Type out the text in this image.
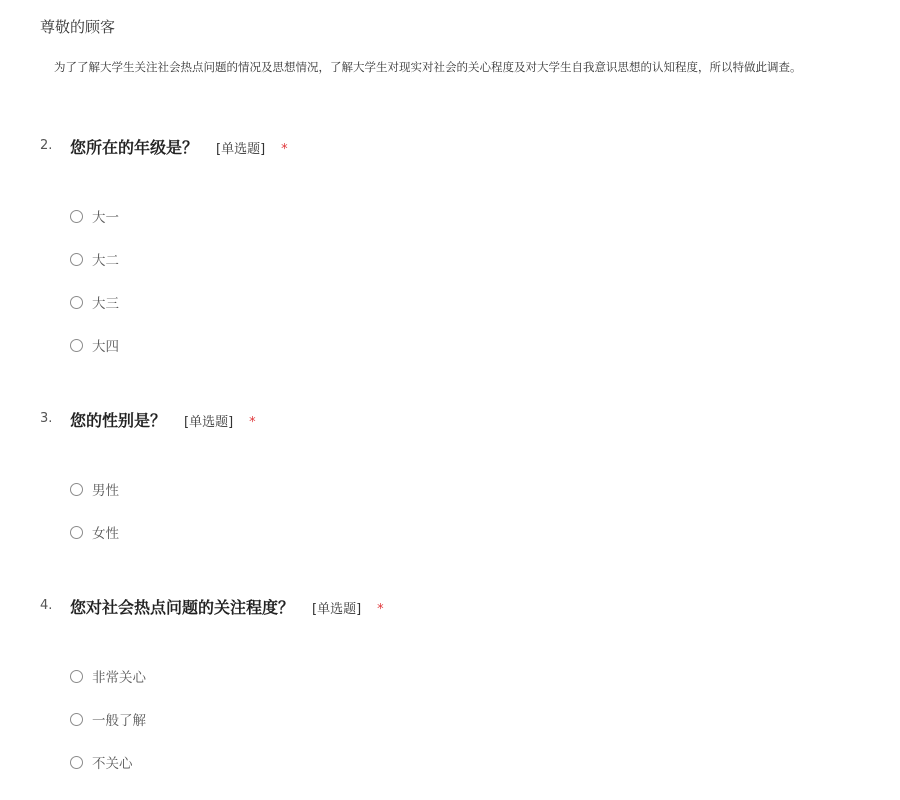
尊敬的顾客
为了了解大学生关注社会热点问题的情况及思想情况，了解大学生对现实对社会的关心程度及对大学生自我意识思想的认知程度，所以特做此调查。
2. 您所在的年级是？ [单选题] *
大一
大二
大三
大四
3. 您的性别是？ [单选题] *
男性
女性
4. 您对社会热点问题的关注程度？ [单选题] *
非常关心
一般了解
不关心
